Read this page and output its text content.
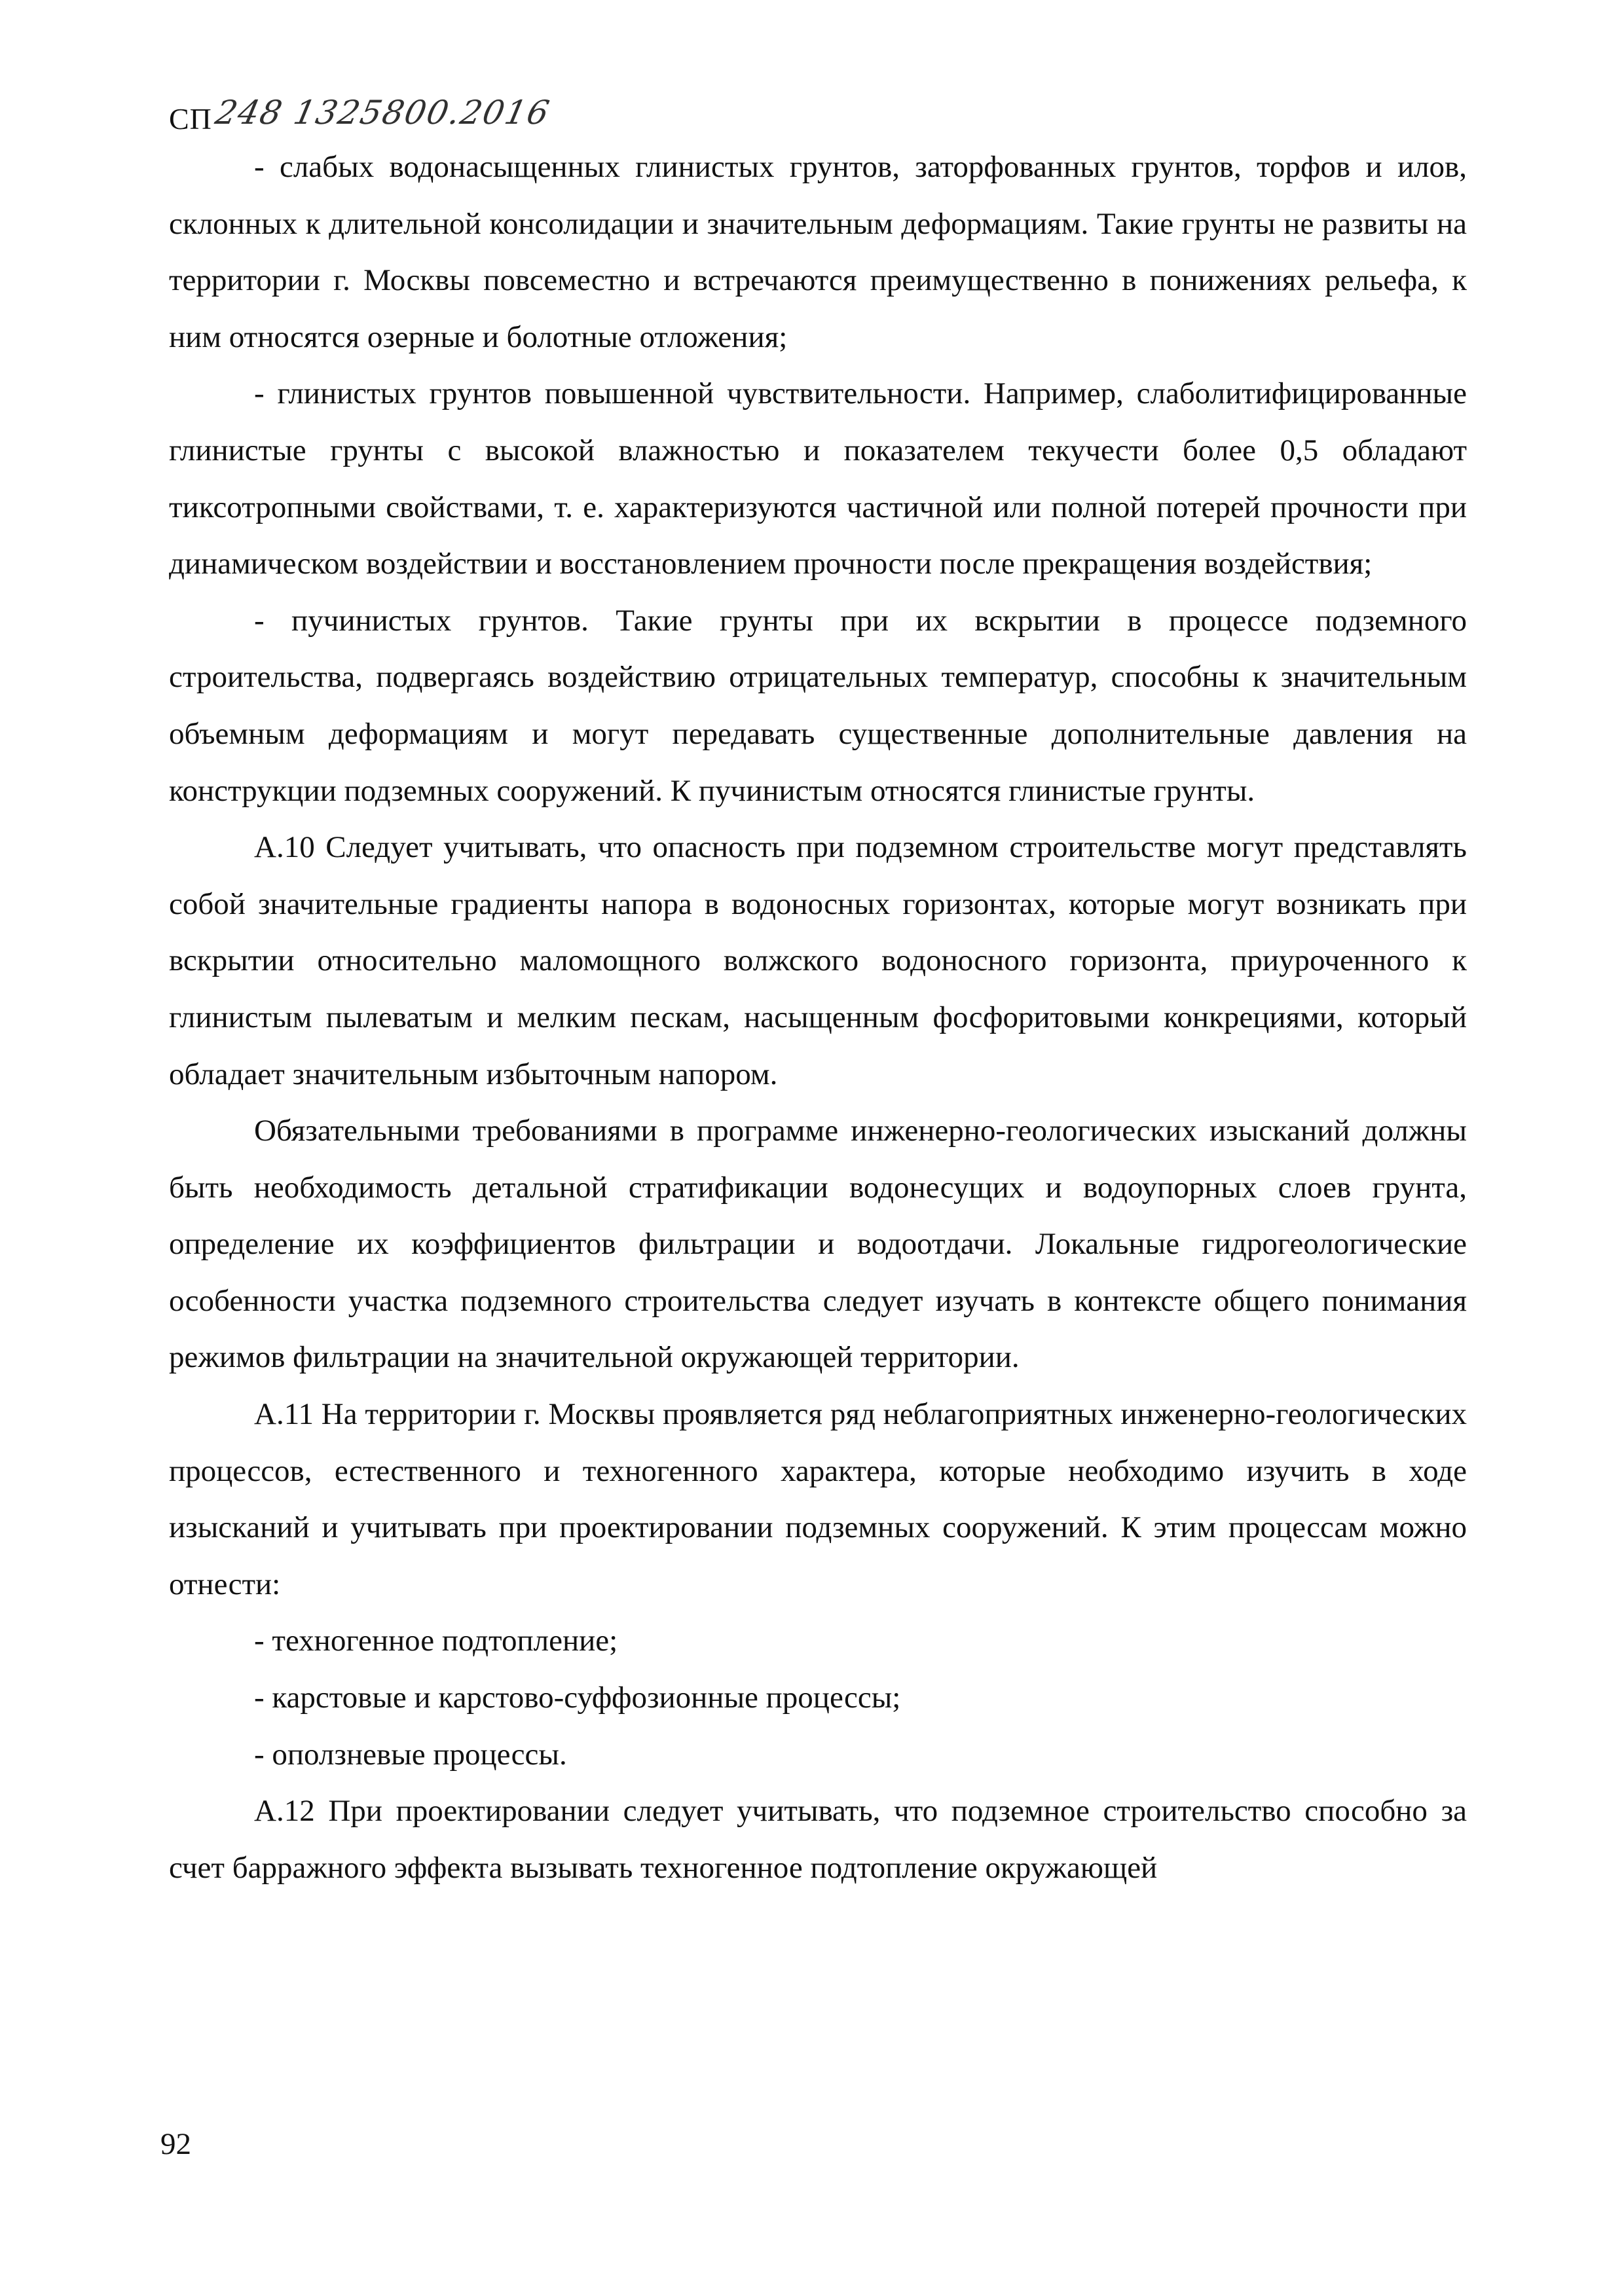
СП 248 1325800.2016

- слабых водонасыщенных глинистых грунтов, заторфованных грунтов, торфов и илов, склонных к длительной консолидации и значительным деформациям. Такие грунты не развиты на территории г. Москвы повсеместно и встречаются преимущественно в понижениях рельефа, к ним относятся озерные и болотные отложения;

- глинистых грунтов повышенной чувствительности. Например, слаболитифицированные глинистые грунты с высокой влажностью и показателем текучести более 0,5 обладают тиксотропными свойствами, т. е. характеризуются частичной или полной потерей прочности при динамическом воздействии и восстановлением прочности после прекращения воздействия;

- пучинистых грунтов. Такие грунты при их вскрытии в процессе подземного строительства, подвергаясь воздействию отрицательных температур, способны к значительным объемным деформациям и могут передавать существенные дополнительные давления на конструкции подземных сооружений. К пучинистым относятся глинистые грунты.

А.10 Следует учитывать, что опасность при подземном строительстве могут представлять собой значительные градиенты напора в водоносных горизонтах, которые могут возникать при вскрытии относительно маломощного волжского водоносного горизонта, приуроченного к глинистым пылеватым и мелким пескам, насыщенным фосфоритовыми конкрециями, который обладает значительным избыточным напором.

Обязательными требованиями в программе инженерно-геологических изысканий должны быть необходимость детальной стратификации водонесущих и водоупорных слоев грунта, определение их коэффициентов фильтрации и водоотдачи. Локальные гидрогеологические особенности участка подземного строительства следует изучать в контексте общего понимания режимов фильтрации на значительной окружающей территории.

А.11 На территории г. Москвы проявляется ряд неблагоприятных инженерно-геологических процессов, естественного и техногенного характера, которые необходимо изучить в ходе изысканий и учитывать при проектировании подземных сооружений. К этим процессам можно отнести:

- техногенное подтопление;

- карстовые и карстово-суффозионные процессы;

- оползневые процессы.

А.12 При проектировании следует учитывать, что подземное строительство способно за счет барражного эффекта вызывать техногенное подтопление окружающей

92
